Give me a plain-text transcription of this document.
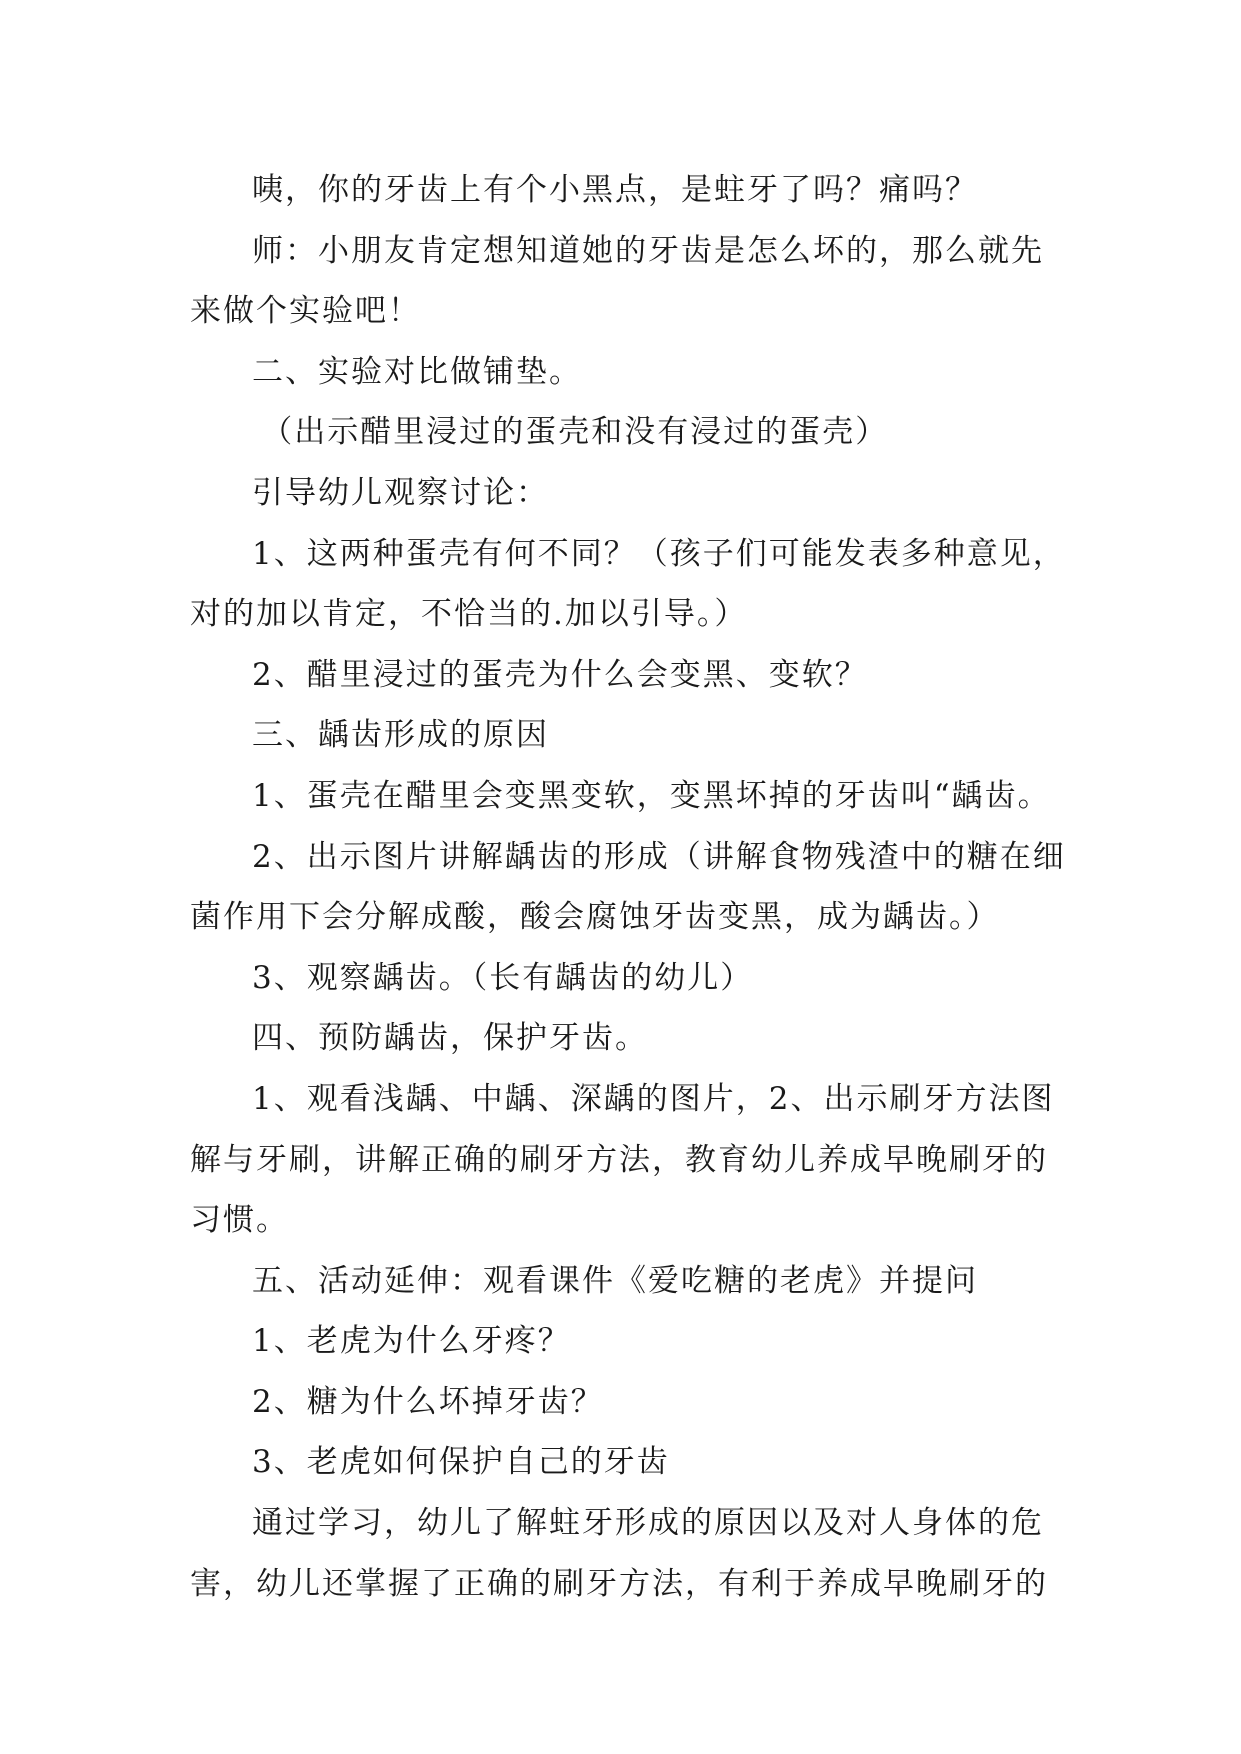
咦，你的牙齿上有个小黑点，是蛀牙了吗？痛吗？

师：小朋友肯定想知道她的牙齿是怎么坏的，那么就先来做个实验吧！

二、实验对比做铺垫。

（出示醋里浸过的蛋壳和没有浸过的蛋壳）

引导幼儿观察讨论：

1、这两种蛋壳有何不同？（孩子们可能发表多种意见，对的加以肯定，不恰当的.加以引导。）

2、醋里浸过的蛋壳为什么会变黑、变软？

三、龋齿形成的原因

1、蛋壳在醋里会变黑变软，变黑坏掉的牙齿叫“龋齿。

2、出示图片讲解龋齿的形成（讲解食物残渣中的糖在细菌作用下会分解成酸，酸会腐蚀牙齿变黑，成为龋齿。）

3、观察龋齿。（长有龋齿的幼儿）

四、预防龋齿，保护牙齿。

1、观看浅龋、中龋、深龋的图片，2、出示刷牙方法图解与牙刷，讲解正确的刷牙方法，教育幼儿养成早晚刷牙的习惯。

五、活动延伸：观看课件《爱吃糖的老虎》并提问

1、老虎为什么牙疼？

2、糖为什么坏掉牙齿？

3、老虎如何保护自己的牙齿

通过学习，幼儿了解蛀牙形成的原因以及对人身体的危害，幼儿还掌握了正确的刷牙方法，有利于养成早晚刷牙的
